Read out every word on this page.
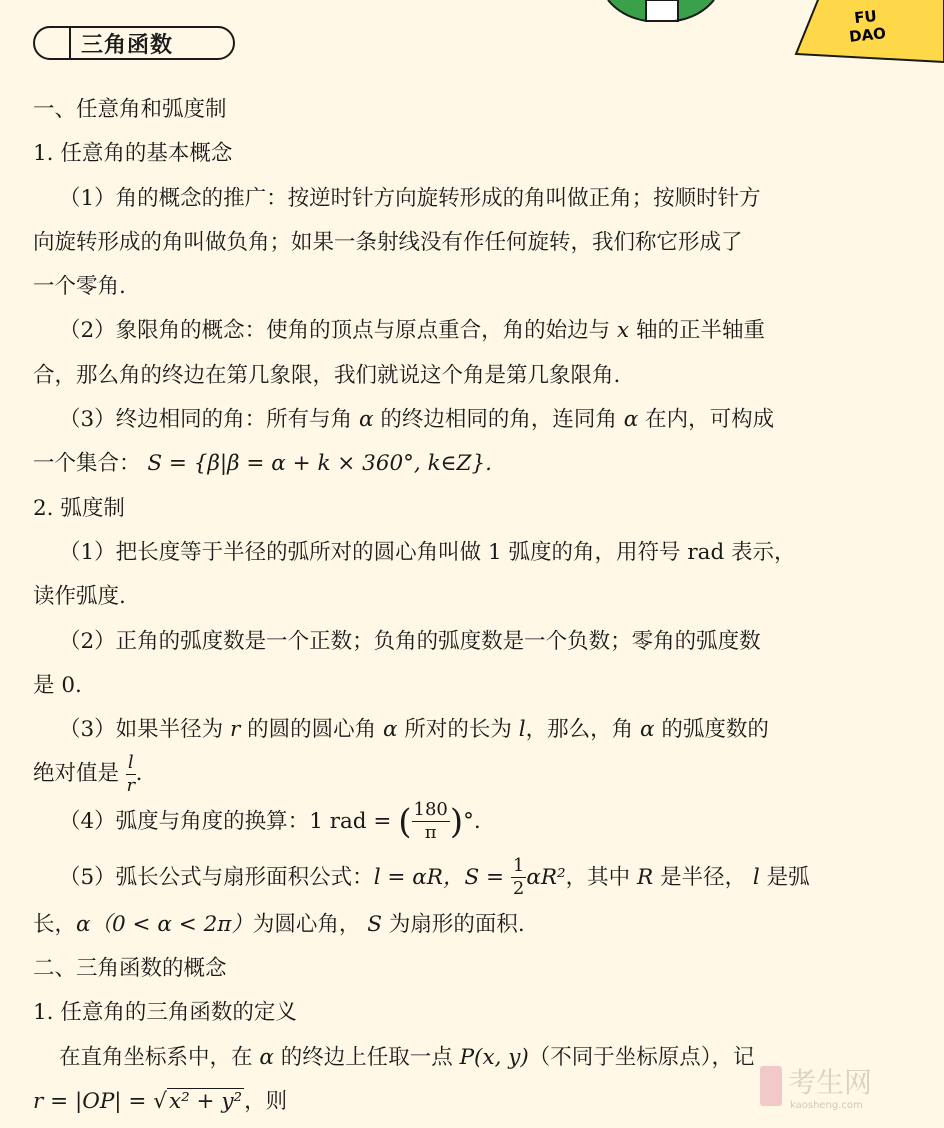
FU
DAO
三角函数
一、任意角和弧度制
1. 任意角的基本概念
（1）角的概念的推广：按逆时针方向旋转形成的角叫做正角；按顺时针方
向旋转形成的角叫做负角；如果一条射线没有作任何旋转，我们称它形成了
一个零角.
（2）象限角的概念：使角的顶点与原点重合，角的始边与 x 轴的正半轴重
合，那么角的终边在第几象限，我们就说这个角是第几象限角.
（3）终边相同的角：所有与角 α 的终边相同的角，连同角 α 在内，可构成
一个集合： S = {β|β = α + k × 360°, k∈Z}.
2. 弧度制
（1）把长度等于半径的弧所对的圆心角叫做 1 弧度的角，用符号 rad 表示，
读作弧度.
（2）正角的弧度数是一个正数；负角的弧度数是一个负数；零角的弧度数
是 0.
（3）如果半径为 r 的圆的圆心角 α 所对的长为 l，那么，角 α 的弧度数的
绝对值是 $\frac{l}{r}$ .
（4）弧度与角度的换算：1 rad = ( $\frac{180}{\pi}$ )°.
（5）弧长公式与扇形面积公式：l = αR，$S = \frac{1}{2} \alpha R^2$，其中 R 是半径， l 是弧
长，α（0 < α < 2π）为圆心角， S 为扇形的面积.
二、三角函数的概念
1. 任意角的三角函数的定义
在直角坐标系中，在 α 的终边上任取一点 P(x, y)（不同于坐标原点），记
r = |OP| = √x² + y²，则
考生网
kaosheng.com
